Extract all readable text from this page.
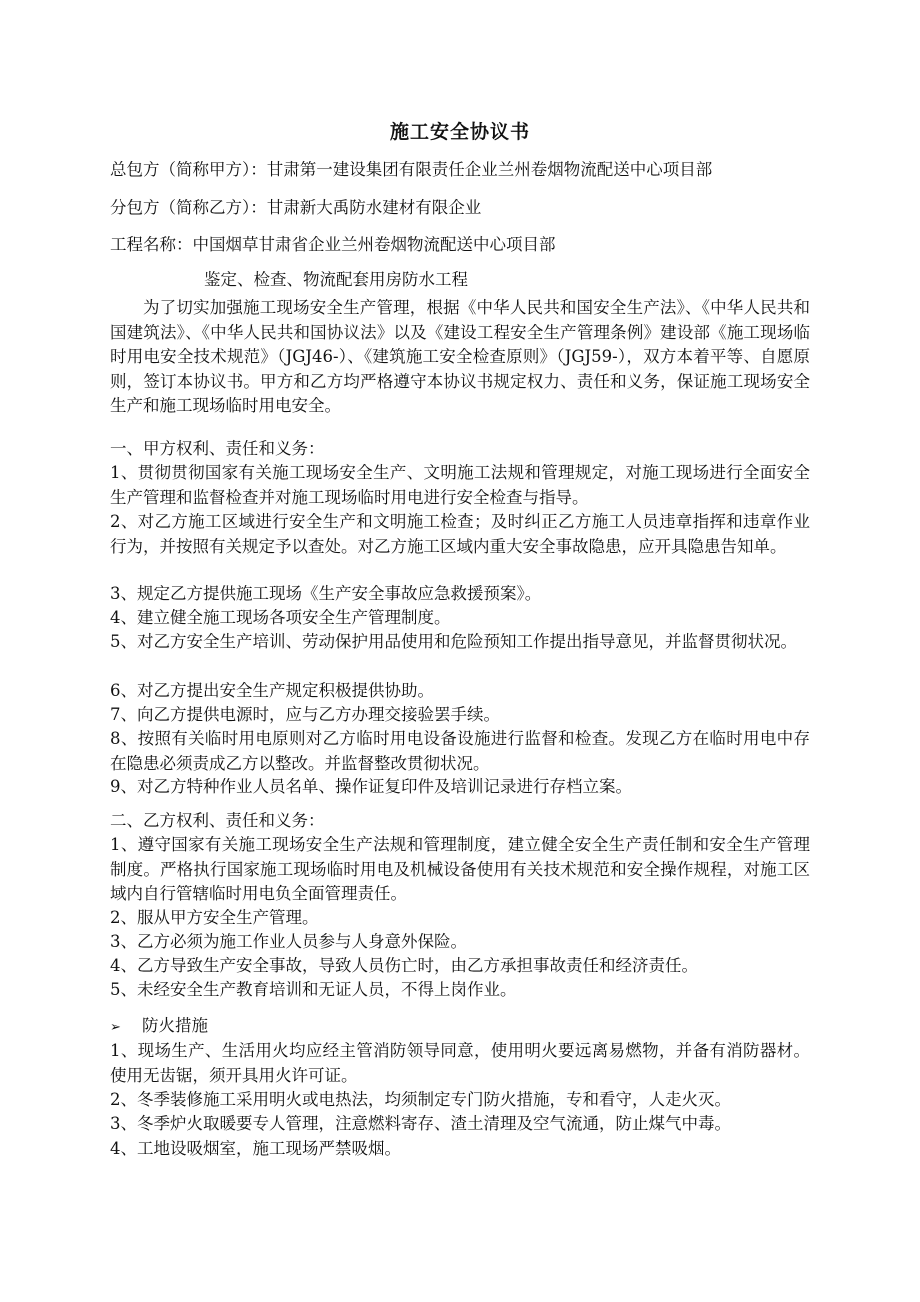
施工安全协议书
总包方（简称甲方）：甘肃第一建设集团有限责任企业兰州卷烟物流配送中心项目部
分包方（简称乙方）：甘肃新大禹防水建材有限企业
工程名称：中国烟草甘肃省企业兰州卷烟物流配送中心项目部
鉴定、检查、物流配套用房防水工程
为了切实加强施工现场安全生产管理，根据《中华人民共和国安全生产法》、《中华人民共和国建筑法》、《中华人民共和国协议法》以及《建设工程安全生产管理条例》建设部《施工现场临时用电安全技术规范》（JGJ46-）、《建筑施工安全检查原则》（JGJ59-），双方本着平等、自愿原则，签订本协议书。甲方和乙方均严格遵守本协议书规定权力、责任和义务，保证施工现场安全生产和施工现场临时用电安全。
一、甲方权利、责任和义务：
1、贯彻贯彻国家有关施工现场安全生产、文明施工法规和管理规定，对施工现场进行全面安全生产管理和监督检查并对施工现场临时用电进行安全检查与指导。
2、对乙方施工区域进行安全生产和文明施工检查；及时纠正乙方施工人员违章指挥和违章作业行为，并按照有关规定予以查处。对乙方施工区域内重大安全事故隐患，应开具隐患告知单。
3、规定乙方提供施工现场《生产安全事故应急救援预案》。
4、建立健全施工现场各项安全生产管理制度。
5、对乙方安全生产培训、劳动保护用品使用和危险预知工作提出指导意见，并监督贯彻状况。
6、对乙方提出安全生产规定积极提供协助。
7、向乙方提供电源时，应与乙方办理交接验罢手续。
8、按照有关临时用电原则对乙方临时用电设备设施进行监督和检查。发现乙方在临时用电中存在隐患必须责成乙方以整改。并监督整改贯彻状况。
9、对乙方特种作业人员名单、操作证复印件及培训记录进行存档立案。
二、乙方权利、责任和义务：
1、遵守国家有关施工现场安全生产法规和管理制度，建立健全安全生产责任制和安全生产管理制度。严格执行国家施工现场临时用电及机械设备使用有关技术规范和安全操作规程，对施工区域内自行管辖临时用电负全面管理责任。
2、服从甲方安全生产管理。
3、乙方必须为施工作业人员参与人身意外保险。
4、乙方导致生产安全事故，导致人员伤亡时，由乙方承担事故责任和经济责任。
5、未经安全生产教育培训和无证人员，不得上岗作业。
➢ 防火措施
1、现场生产、生活用火均应经主管消防领导同意，使用明火要远离易燃物，并备有消防器材。使用无齿锯，须开具用火许可证。
2、冬季装修施工采用明火或电热法，均须制定专门防火措施，专和看守，人走火灭。
3、冬季炉火取暖要专人管理，注意燃料寄存、渣土清理及空气流通，防止煤气中毒。
4、工地设吸烟室，施工现场严禁吸烟。
